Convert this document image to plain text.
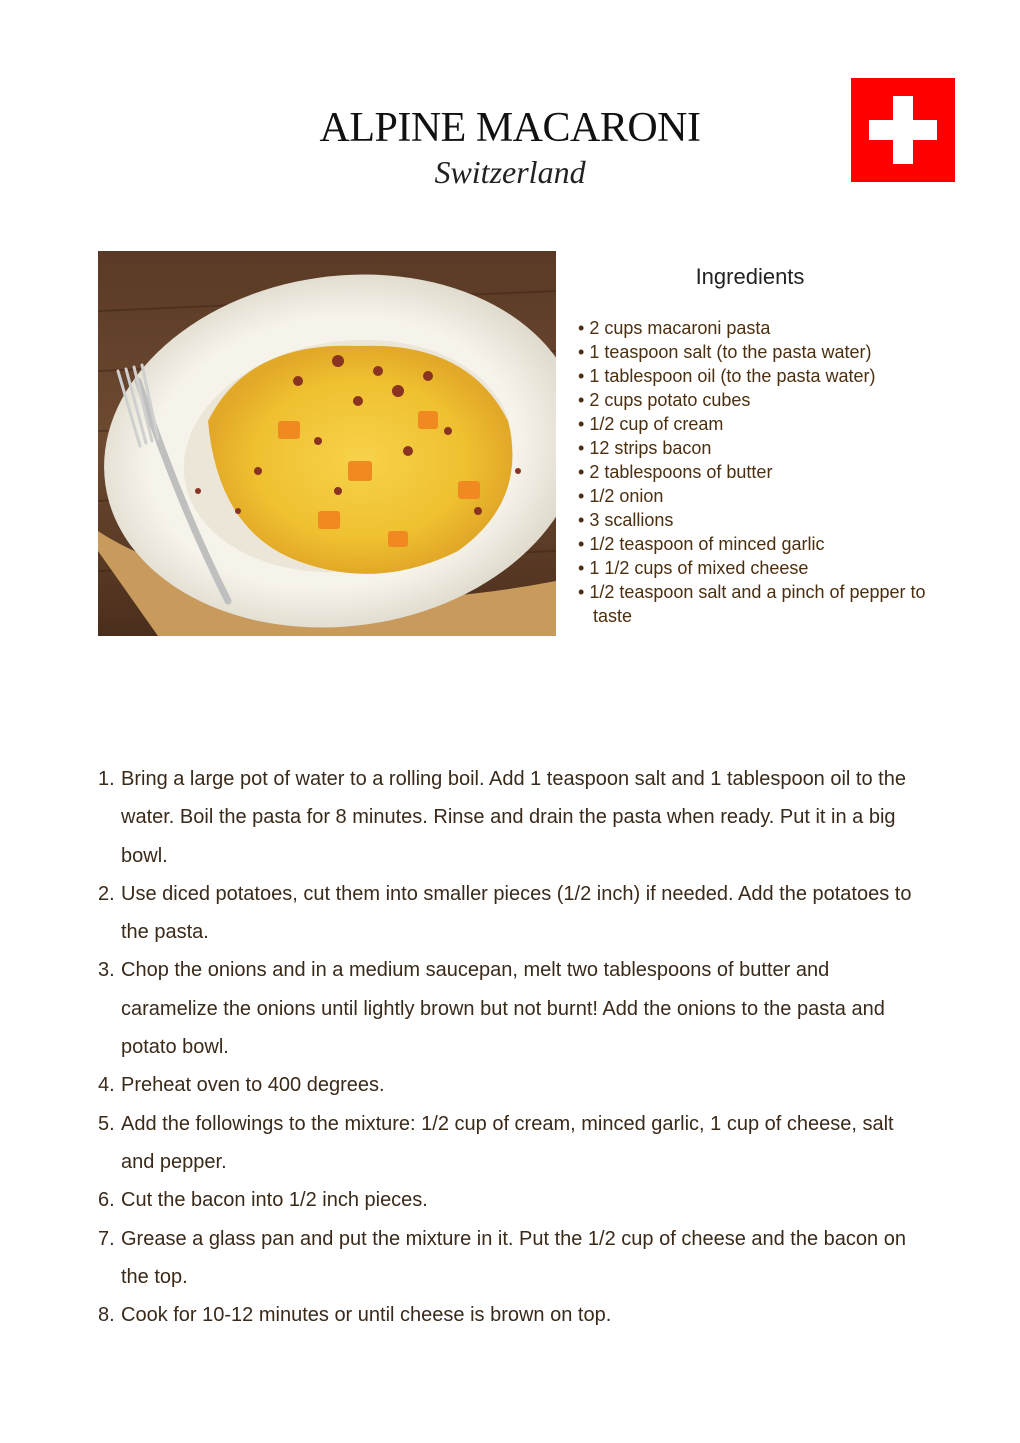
ALPINE MACARONI
Switzerland
Ingredients
• 2 cups macaroni pasta
• 1 teaspoon salt (to the pasta water)
• 1 tablespoon oil (to the pasta water)
• 2 cups potato cubes
• 1/2 cup of cream
• 12 strips bacon
• 2 tablespoons of butter
• 1/2 onion
• 3 scallions
• 1/2 teaspoon of minced garlic
• 1 1/2 cups of mixed cheese
• 1/2 teaspoon salt and a pinch of pepper to taste
1. Bring a large pot of water to a rolling boil. Add 1 teaspoon salt and 1 tablespoon oil to the water. Boil the pasta for 8 minutes. Rinse and drain the pasta when ready. Put it in a big bowl.
2. Use diced potatoes, cut them into smaller pieces (1/2 inch) if needed. Add the potatoes to the pasta.
3. Chop the onions and in a medium saucepan, melt two tablespoons of butter and caramelize the onions until lightly brown but not burnt! Add the onions to the pasta and potato bowl.
4. Preheat oven to 400 degrees.
5. Add the followings to the mixture: 1/2 cup of cream, minced garlic, 1 cup of cheese, salt and pepper.
6. Cut the bacon into 1/2 inch pieces.
7. Grease a glass pan and put the mixture in it. Put the 1/2 cup of cheese and the bacon on the top.
8. Cook for 10-12 minutes or until cheese is brown on top.
